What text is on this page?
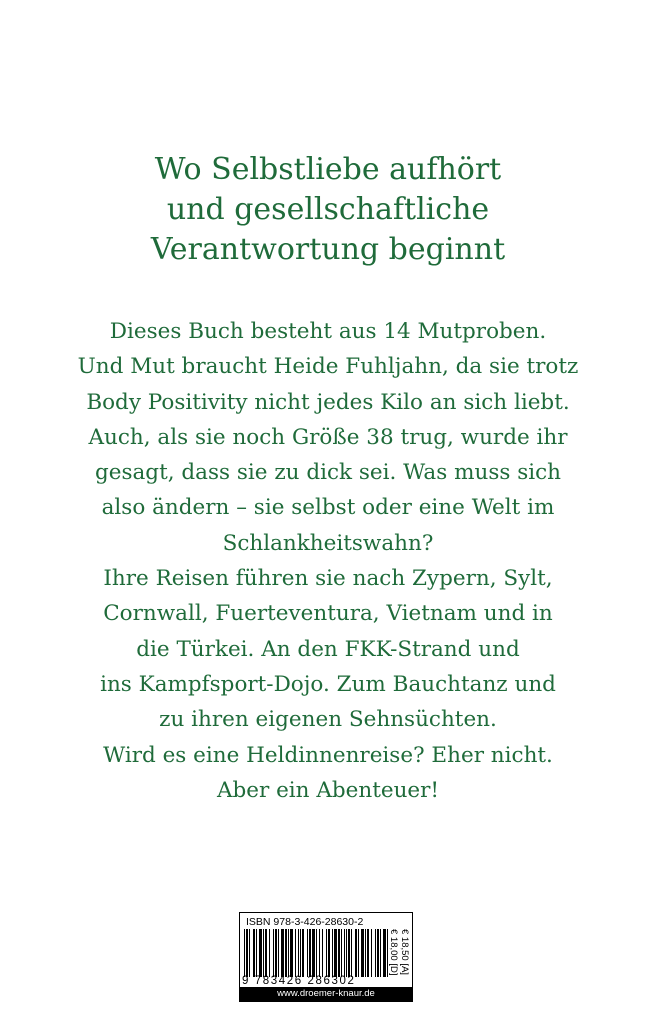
Wo Selbstliebe aufhört
und gesellschaftliche
Verantwortung beginnt
Dieses Buch besteht aus 14 Mutproben.
Und Mut braucht Heide Fuhljahn, da sie trotz
Body Positivity nicht jedes Kilo an sich liebt.
Auch, als sie noch Größe 38 trug, wurde ihr
gesagt, dass sie zu dick sei. Was muss sich
also ändern – sie selbst oder eine Welt im
Schlankheitswahn?
Ihre Reisen führen sie nach Zypern, Sylt,
Cornwall, Fuerteventura, Vietnam und in
die Türkei. An den FKK-Strand und
ins Kampfsport-Dojo. Zum Bauchtanz und
zu ihren eigenen Sehnsüchten.
Wird es eine Heldinnenreise? Eher nicht.
Aber ein Abenteuer!
ISBN 978-3-426-28630-2
9 783426 286302
€ 18,00 [D] € 18,50 [A]
www.droemer-knaur.de
